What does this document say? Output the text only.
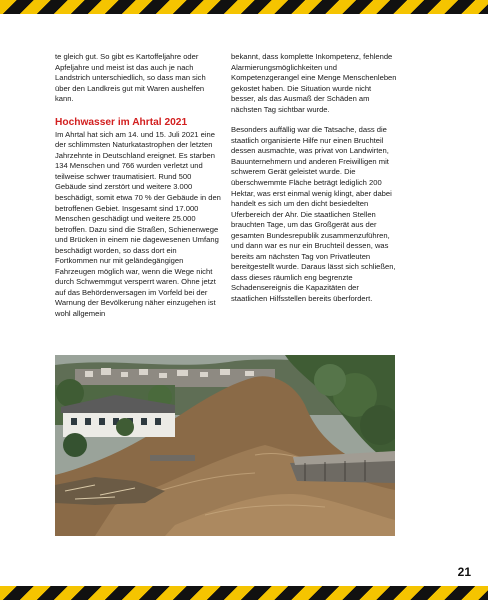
te gleich gut. So gibt es Kartoffeljahre oder Apfeljahre und meist ist das auch je nach Landstrich unterschiedlich, so dass man sich über den Landkreis gut mit Waren aushelfen kann.

Hochwasser im Ahrtal 2021

Im Ahrtal hat sich am 14. und 15. Juli 2021 eine der schlimmsten Naturkatastrophen der letzten Jahrzehnte in Deutschland ereignet. Es starben 134 Menschen und 766 wurden verletzt und teilweise schwer traumatisiert. Rund 500 Gebäude sind zerstört und weitere 3.000 beschädigt, somit etwa 70 % der Gebäude in den betroffenen Gebiet. Insgesamt sind 17.000 Menschen geschädigt und weitere 25.000 betroffen. Dazu sind die Straßen, Schienenwege und Brücken in einem nie dagewesenen Umfang beschädigt worden, so dass dort ein Fortkommen nur mit geländegängigen Fahrzeugen möglich war, wenn die Wege nicht durch Schwemmgut versperrt waren. Ohne jetzt auf das Behördenversagen im Vorfeld bei der Warnung der Bevölkerung näher einzugehen ist wohl allgemein

bekannt, dass komplette Inkompetenz, fehlende Alarmierungsmöglichkeiten und Kompetenzgerangel eine Menge Menschenleben gekostet haben. Die Situation wurde nicht besser, als das Ausmaß der Schäden am nächsten Tag sichtbar wurde.

Besonders auffällig war die Tatsache, dass die staatlich organisierte Hilfe nur einen Bruchteil dessen ausmachte, was privat von Landwirten, Bauunternehmern und anderen Freiwilligen mit schwerem Gerät geleistet wurde. Die überschwemmte Fläche beträgt lediglich 200 Hektar, was erst einmal wenig klingt, aber dabei handelt es sich um den dicht besiedelten Uferbereich der Ahr. Die staatlichen Stellen brauchten Tage, um das Großgerät aus der gesamten Bundesrepublik zusammenzuführen, und dann war es nur ein Bruchteil dessen, was bereits am nächsten Tag von Privatleuten bereitgestellt wurde. Daraus lässt sich schließen, dass dieses räumlich eng begrenzte Schadensereignis die Kapazitäten der staatlichen Hilfsstellen bereits überfordert.

21
